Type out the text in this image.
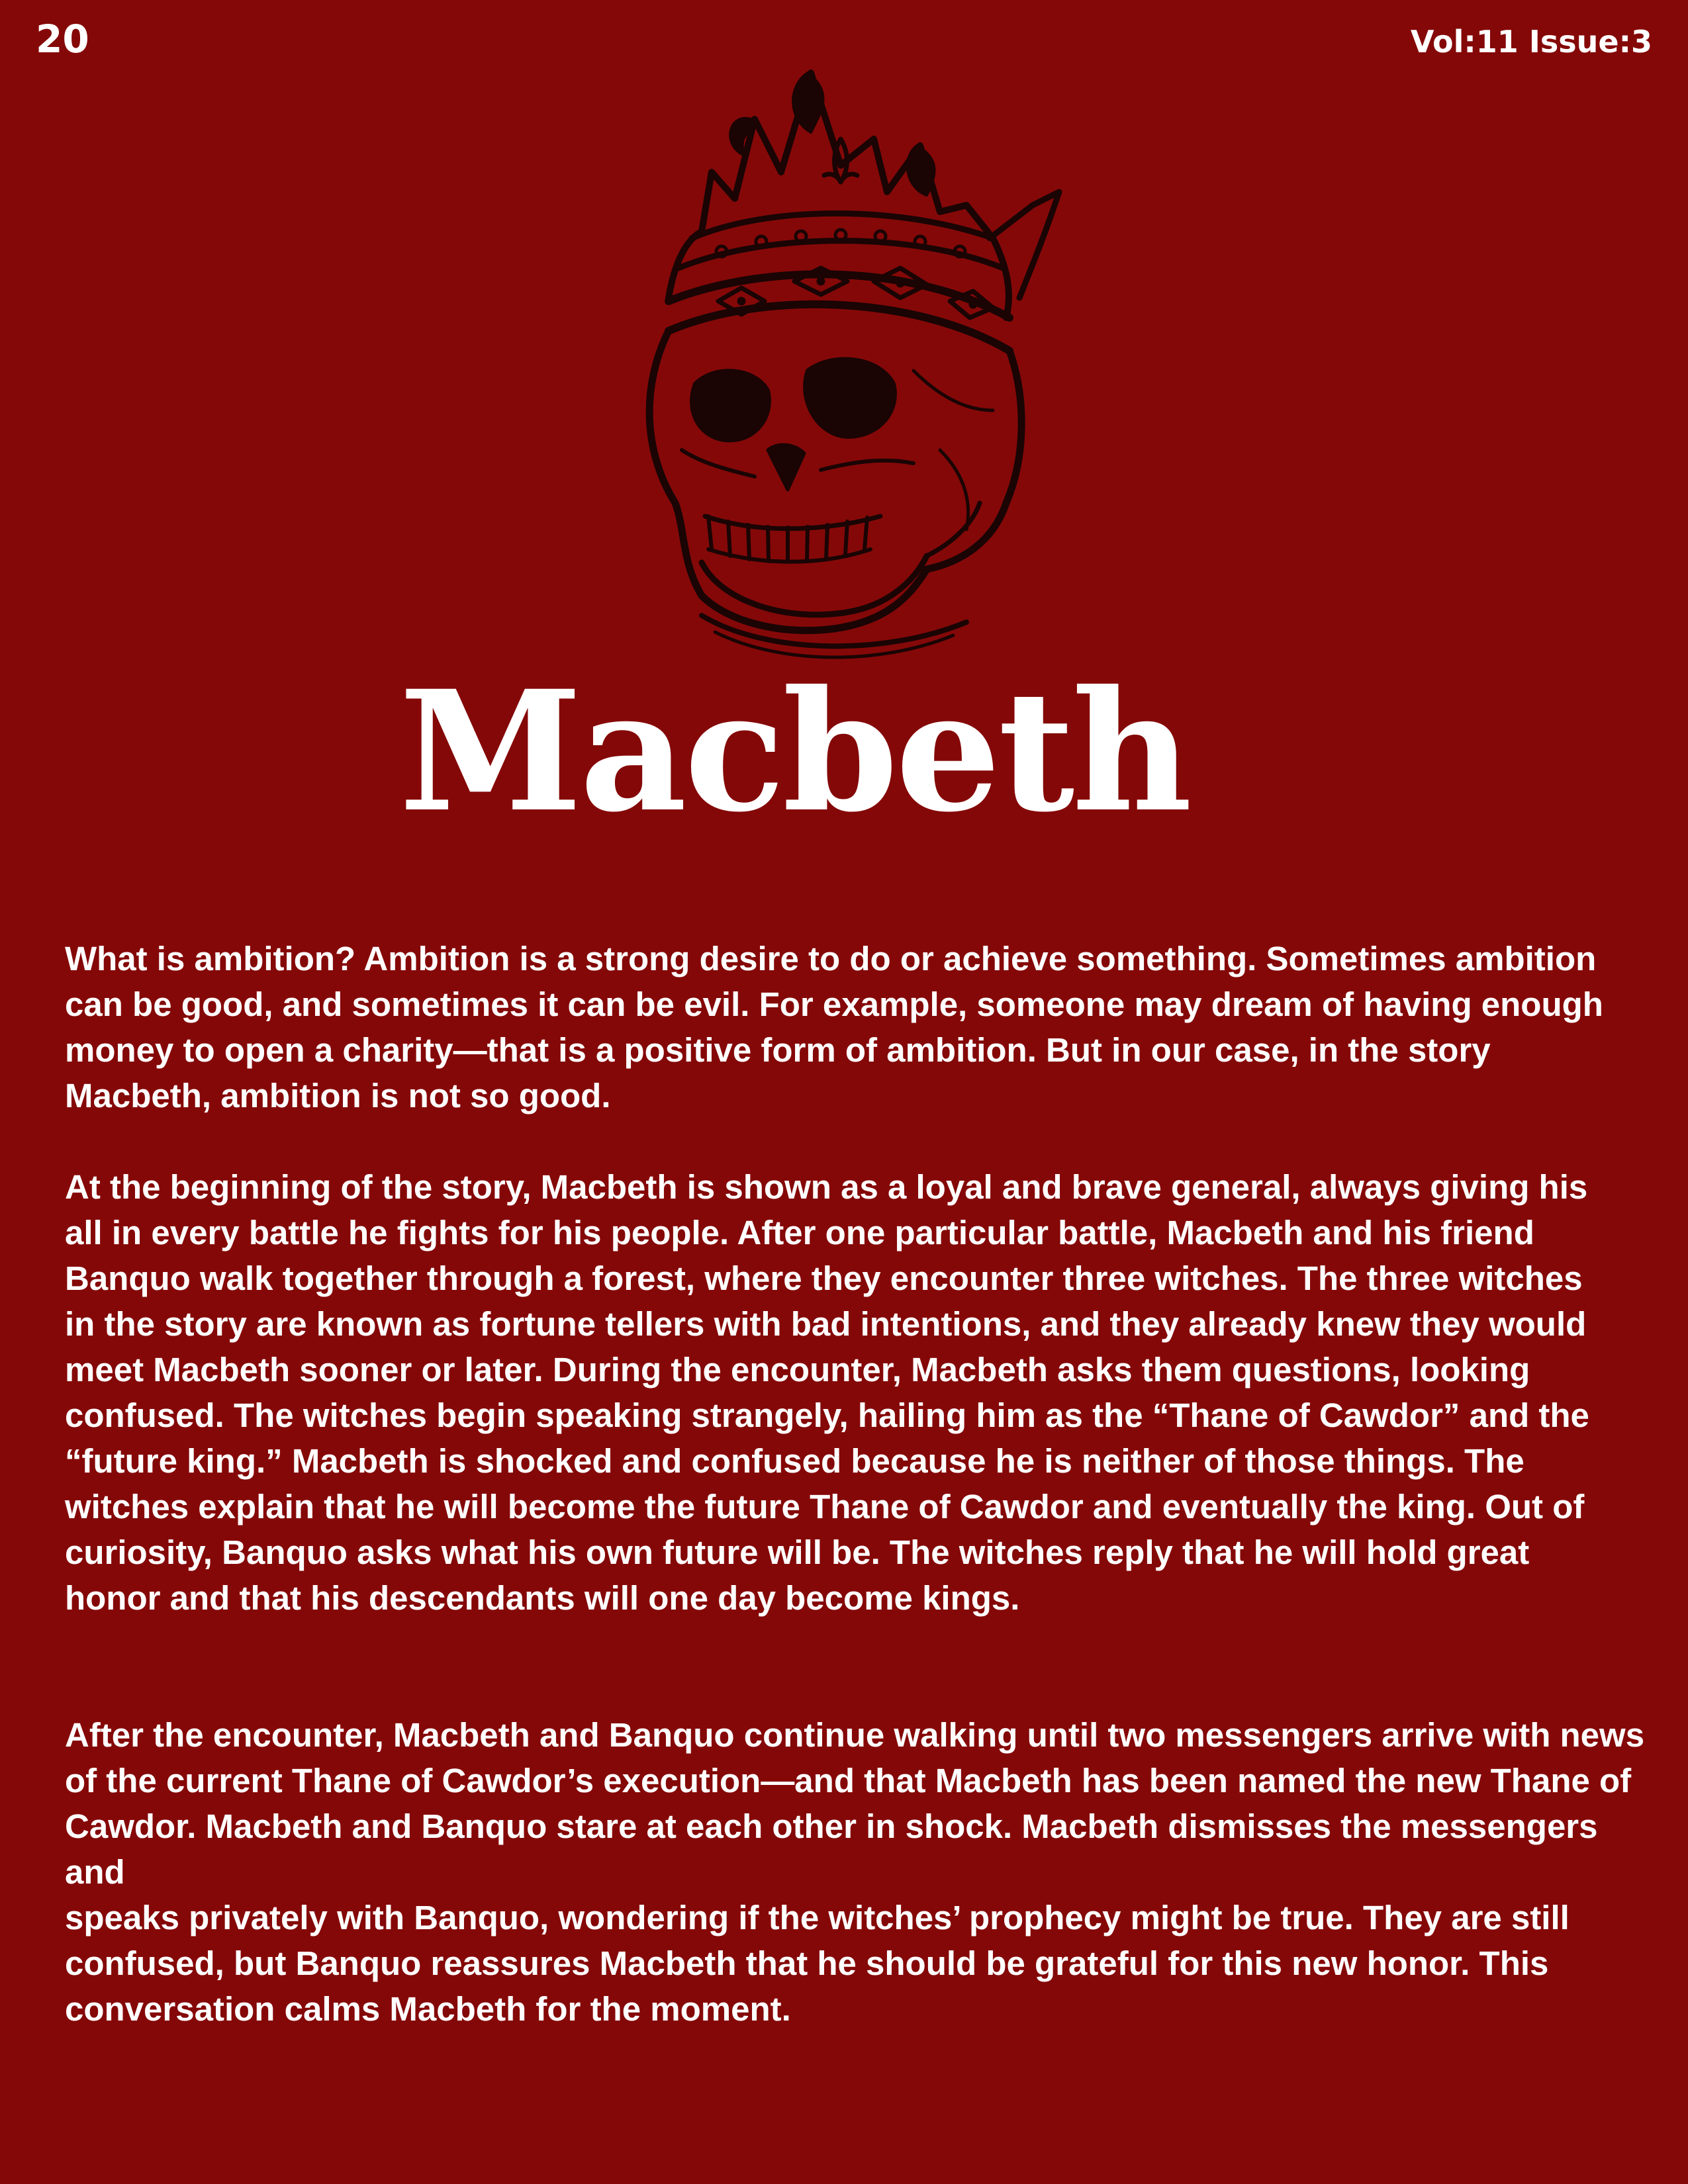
20	Vol:11 Issue:3
Macbeth

What is ambition? Ambition is a strong desire to do or achieve something. Sometimes ambition
can be good, and sometimes it can be evil. For example, someone may dream of having enough
money to open a charity—that is a positive form of ambition. But in our case, in the story
Macbeth, ambition is not so good.

At the beginning of the story, Macbeth is shown as a loyal and brave general, always giving his
all in every battle he fights for his people. After one particular battle, Macbeth and his friend
Banquo walk together through a forest, where they encounter three witches. The three witches
in the story are known as fortune tellers with bad intentions, and they already knew they would
meet Macbeth sooner or later. During the encounter, Macbeth asks them questions, looking
confused. The witches begin speaking strangely, hailing him as the “Thane of Cawdor” and the
“future king.” Macbeth is shocked and confused because he is neither of those things. The
witches explain that he will become the future Thane of Cawdor and eventually the king. Out of
curiosity, Banquo asks what his own future will be. The witches reply that he will hold great
honor and that his descendants will one day become kings.

After the encounter, Macbeth and Banquo continue walking until two messengers arrive with news
of the current Thane of Cawdor’s execution—and that Macbeth has been named the new Thane of
Cawdor. Macbeth and Banquo stare at each other in shock. Macbeth dismisses the messengers and
speaks privately with Banquo, wondering if the witches’ prophecy might be true. They are still
confused, but Banquo reassures Macbeth that he should be grateful for this new honor. This
conversation calms Macbeth for the moment.
